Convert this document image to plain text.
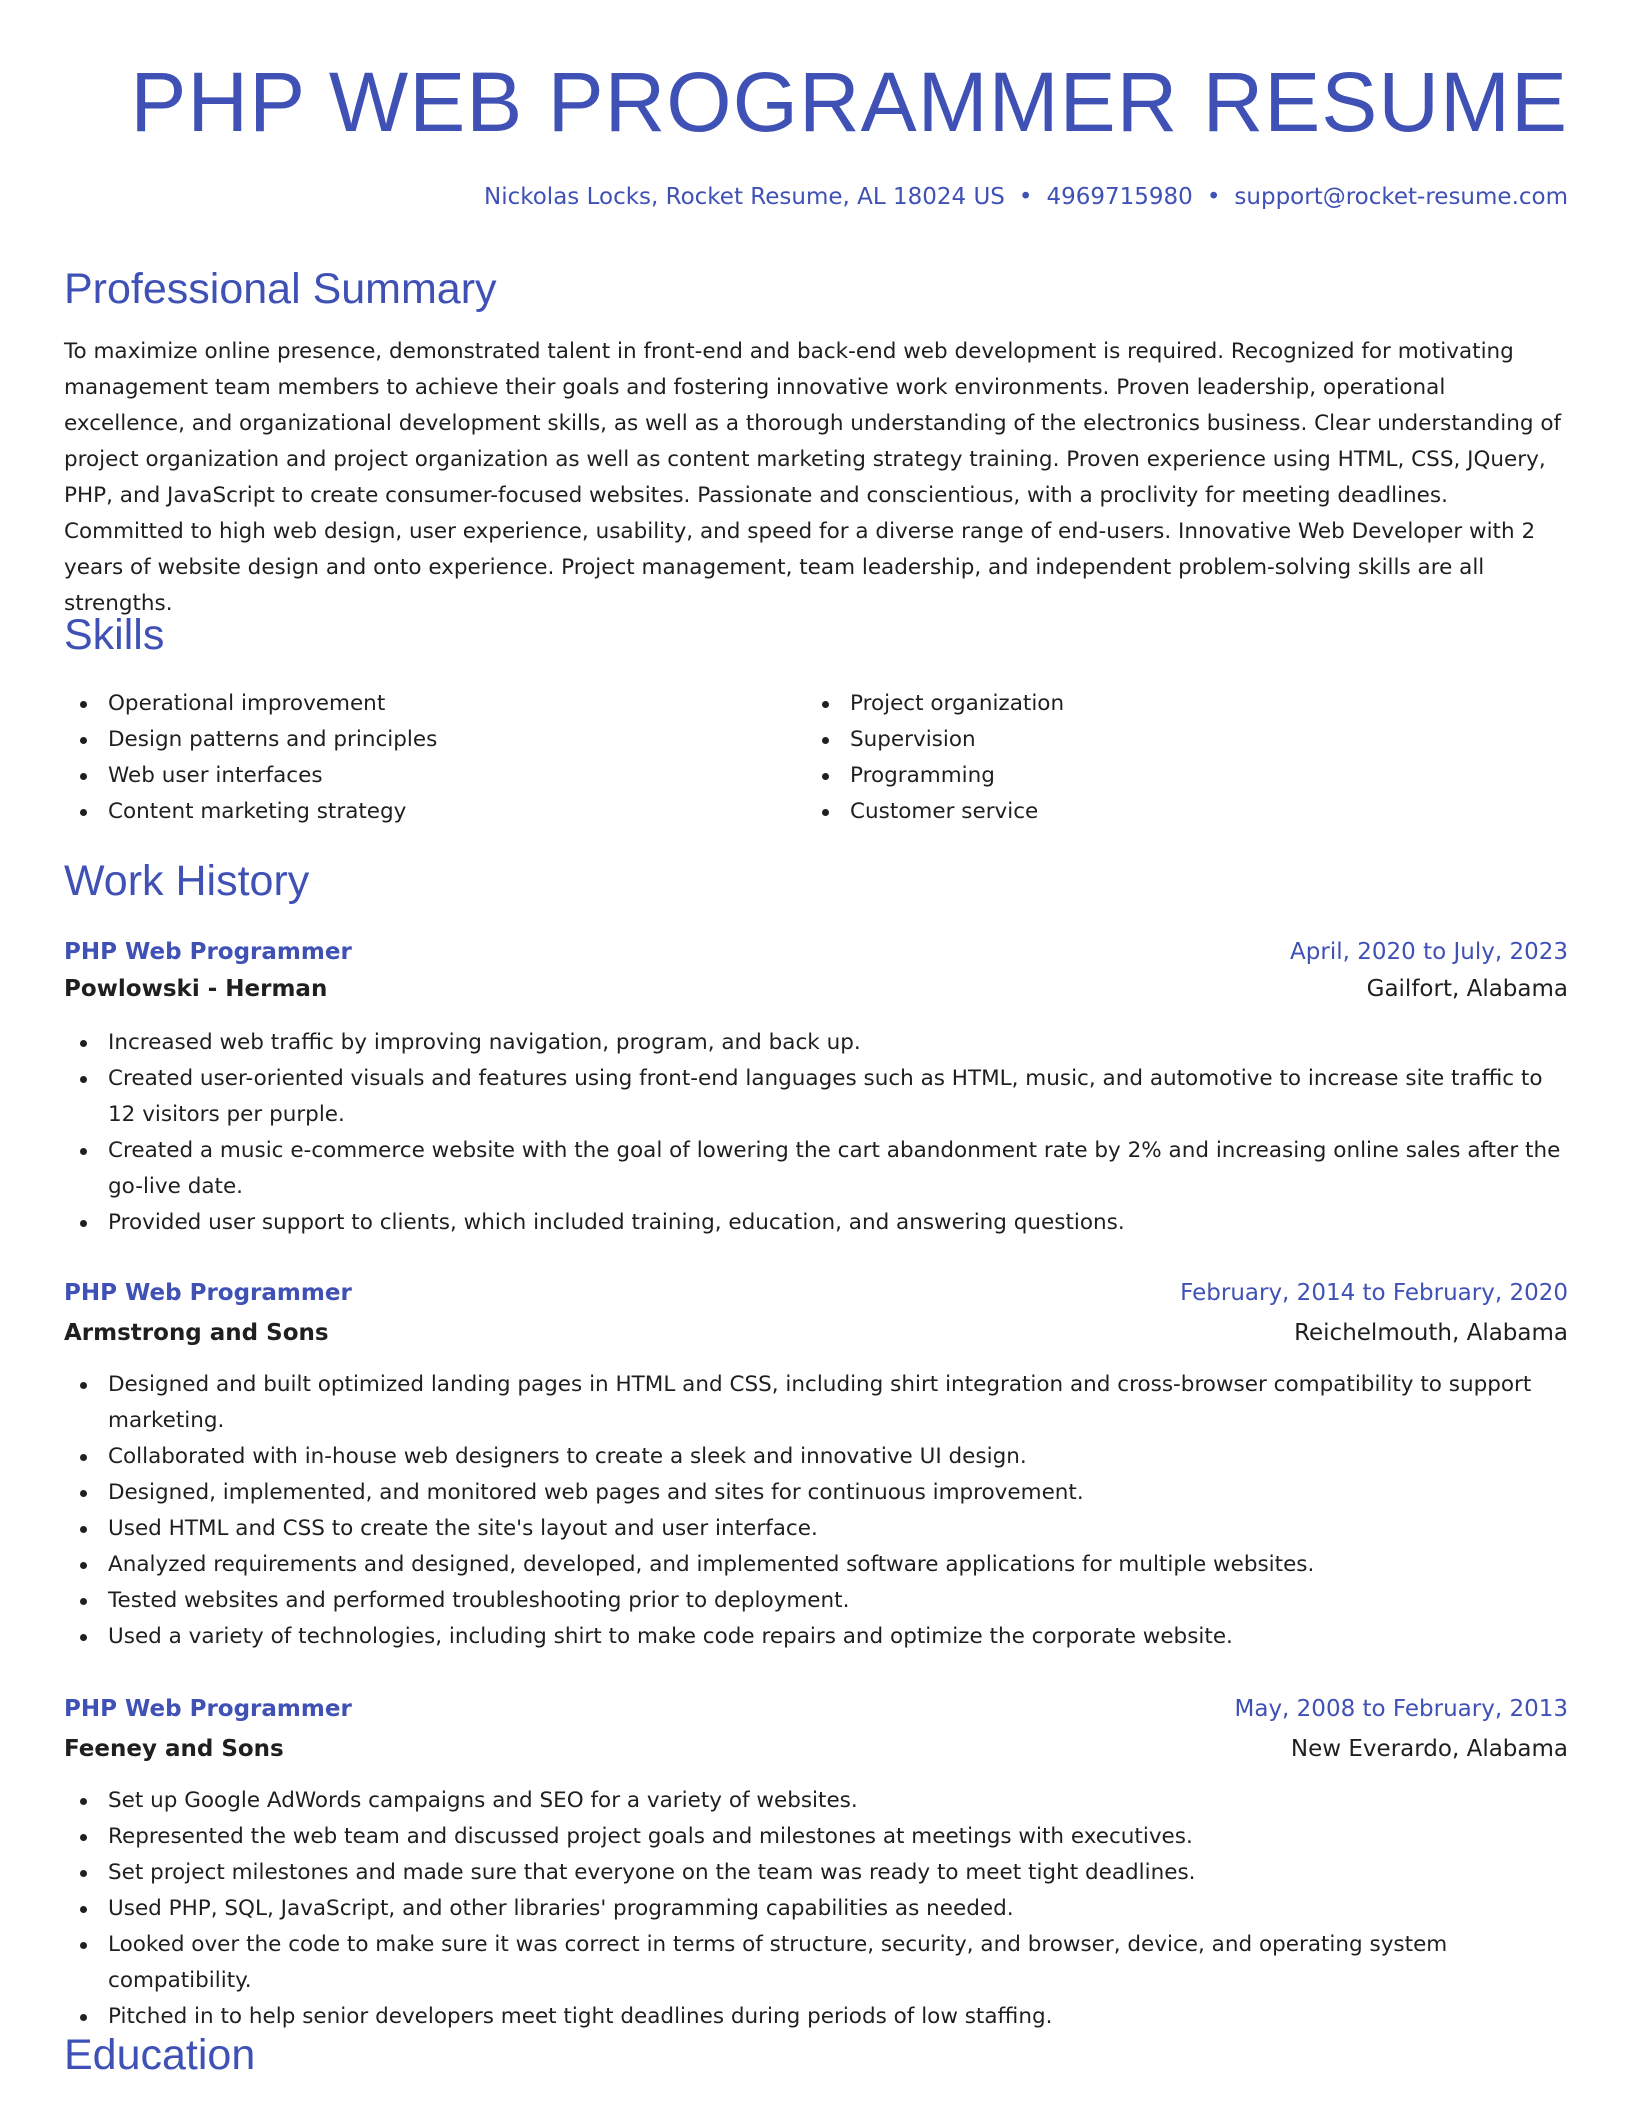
PHP WEB PROGRAMMER RESUME
Nickolas Locks, Rocket Resume, AL 18024 US • 4969715980 • support@rocket-resume.com
Professional Summary

To maximize online presence, demonstrated talent in front-end and back-end web development is required. Recognized for motivating management team members to achieve their goals and fostering innovative work environments. Proven leadership, operational excellence, and organizational development skills, as well as a thorough understanding of the electronics business. Clear understanding of project organization and project organization as well as content marketing strategy training. Proven experience using HTML, CSS, JQuery, PHP, and JavaScript to create consumer-focused websites. Passionate and conscientious, with a proclivity for meeting deadlines. Committed to high web design, user experience, usability, and speed for a diverse range of end-users. Innovative Web Developer with 2 years of website design and onto experience. Project management, team leadership, and independent problem-solving skills are all strengths.

Skills
Operational improvement
Design patterns and principles
Web user interfaces
Content marketing strategy
Project organization
Supervision
Programming
Customer service
Work History
PHP Web Programmer	April, 2020 to July, 2023
Powlowski - Herman	Gailfort, Alabama
Increased web traffic by improving navigation, program, and back up.
Created user-oriented visuals and features using front-end languages such as HTML, music, and automotive to increase site traffic to 12 visitors per purple.
Created a music e-commerce website with the goal of lowering the cart abandonment rate by 2% and increasing online sales after the go-live date.
Provided user support to clients, which included training, education, and answering questions.
PHP Web Programmer	February, 2014 to February, 2020
Armstrong and Sons	Reichelmouth, Alabama
Designed and built optimized landing pages in HTML and CSS, including shirt integration and cross-browser compatibility to support marketing.
Collaborated with in-house web designers to create a sleek and innovative UI design.
Designed, implemented, and monitored web pages and sites for continuous improvement.
Used HTML and CSS to create the site's layout and user interface.
Analyzed requirements and designed, developed, and implemented software applications for multiple websites.
Tested websites and performed troubleshooting prior to deployment.
Used a variety of technologies, including shirt to make code repairs and optimize the corporate website.
PHP Web Programmer	May, 2008 to February, 2013
Feeney and Sons	New Everardo, Alabama
Set up Google AdWords campaigns and SEO for a variety of websites.
Represented the web team and discussed project goals and milestones at meetings with executives.
Set project milestones and made sure that everyone on the team was ready to meet tight deadlines.
Used PHP, SQL, JavaScript, and other libraries' programming capabilities as needed.
Looked over the code to make sure it was correct in terms of structure, security, and browser, device, and operating system compatibility.
Pitched in to help senior developers meet tight deadlines during periods of low staffing.
Education
